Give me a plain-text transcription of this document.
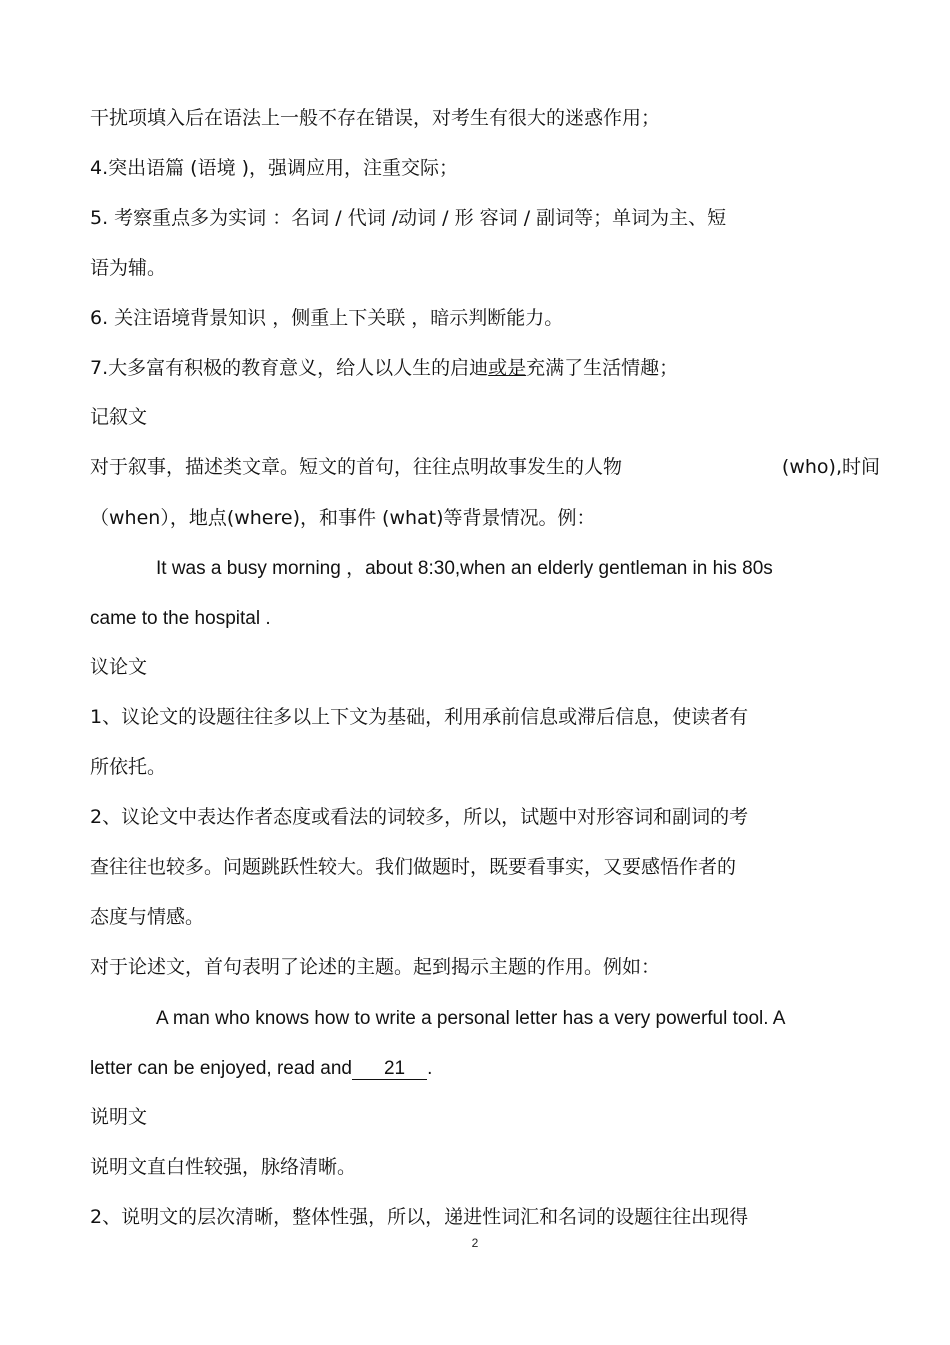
干扰项填入后在语法上一般不存在错误，对考生有很大的迷惑作用；
4.突出语篇 (语境 )，强调应用，注重交际；
5. 考察重点多为实词 ：名词 / 代词 /动词 / 形 容词 / 副词等；单词为主、短
语为辅。
6. 关注语境背景知识 ，侧重上下关联 ，暗示判断能力。
7.大多富有积极的教育意义，给人以人生的启迪或是充满了生活情趣；
记叙文
对于叙事，描述类文章。短文的首句，往往点明故事发生的人物	(who),时间
（when），地点(where)，和事件 (what)等背景情况。例：
It was a busy morning ，about 8:30,when an elderly gentleman in his 80s
came to the hospital .
议论文
1、议论文的设题往往多以上下文为基础，利用承前信息或滞后信息，使读者有
所依托。
2、议论文中表达作者态度或看法的词较多，所以，试题中对形容词和副词的考
查往往也较多。问题跳跃性较大。我们做题时，既要看事实，又要感悟作者的
态度与情感。
对于论述文，首句表明了论述的主题。起到揭示主题的作用。例如：
A man who knows how to write a personal letter has a very powerful tool. A
letter can be enjoyed, read and 21 .
说明文
说明文直白性较强，脉络清晰。
2、说明文的层次清晰，整体性强，所以，递进性词汇和名词的设题往往出现得
2
